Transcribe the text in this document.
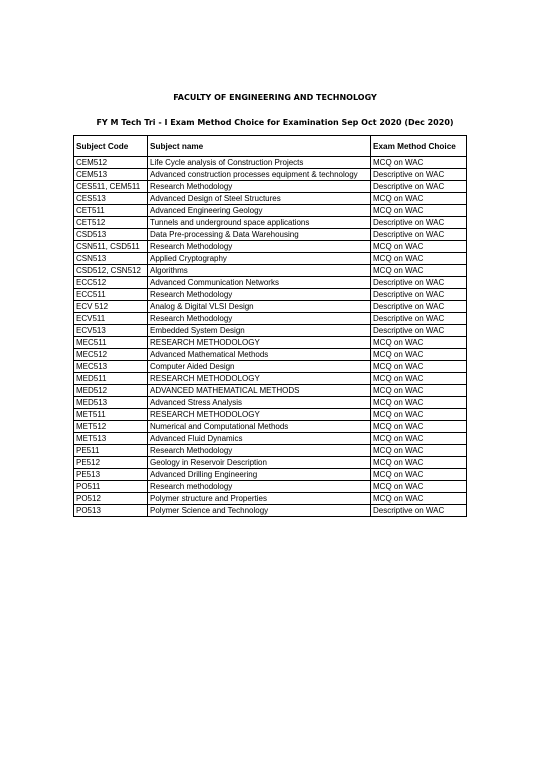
FACULTY OF ENGINEERING AND TECHNOLOGY
FY M Tech Tri - I Exam Method Choice for Examination Sep Oct 2020 (Dec 2020)
Subject Code	Subject name	Exam Method Choice
CEM512	Life Cycle analysis of Construction Projects	MCQ on WAC
CEM513	Advanced construction processes equipment & technology	Descriptive on WAC
CES511, CEM511	Research Methodology	Descriptive on WAC
CES513	Advanced Design of Steel Structures	MCQ on WAC
CET511	Advanced Engineering Geology	MCQ on WAC
CET512	Tunnels and underground space applications	Descriptive on WAC
CSD513	Data Pre-processing & Data Warehousing	Descriptive on WAC
CSN511, CSD511	Research Methodology	MCQ on WAC
CSN513	Applied Cryptography	MCQ on WAC
CSD512, CSN512	Algorithms	MCQ on WAC
ECC512	Advanced Communication Networks	Descriptive on WAC
ECC511	Research Methodology	Descriptive on WAC
ECV 512	Analog & Digital VLSI Design	Descriptive on WAC
ECV511	Research Methodology	Descriptive on WAC
ECV513	Embedded System Design	Descriptive on WAC
MEC511	RESEARCH METHODOLOGY	MCQ on WAC
MEC512	Advanced Mathematical Methods	MCQ on WAC
MEC513	Computer Aided Design	MCQ on WAC
MED511	RESEARCH METHODOLOGY	MCQ on WAC
MED512	ADVANCED MATHEMATICAL METHODS	MCQ on WAC
MED513	Advanced Stress Analysis	MCQ on WAC
MET511	RESEARCH METHODOLOGY	MCQ on WAC
MET512	Numerical and Computational Methods	MCQ on WAC
MET513	Advanced Fluid Dynamics	MCQ on WAC
PE511	Research Methodology	MCQ on WAC
PE512	Geology in Reservoir Description	MCQ on WAC
PE513	Advanced Drilling Engineering	MCQ on WAC
PO511	Research methodology	MCQ on WAC
PO512	Polymer structure and Properties	MCQ on WAC
PO513	Polymer Science and Technology	Descriptive on WAC
